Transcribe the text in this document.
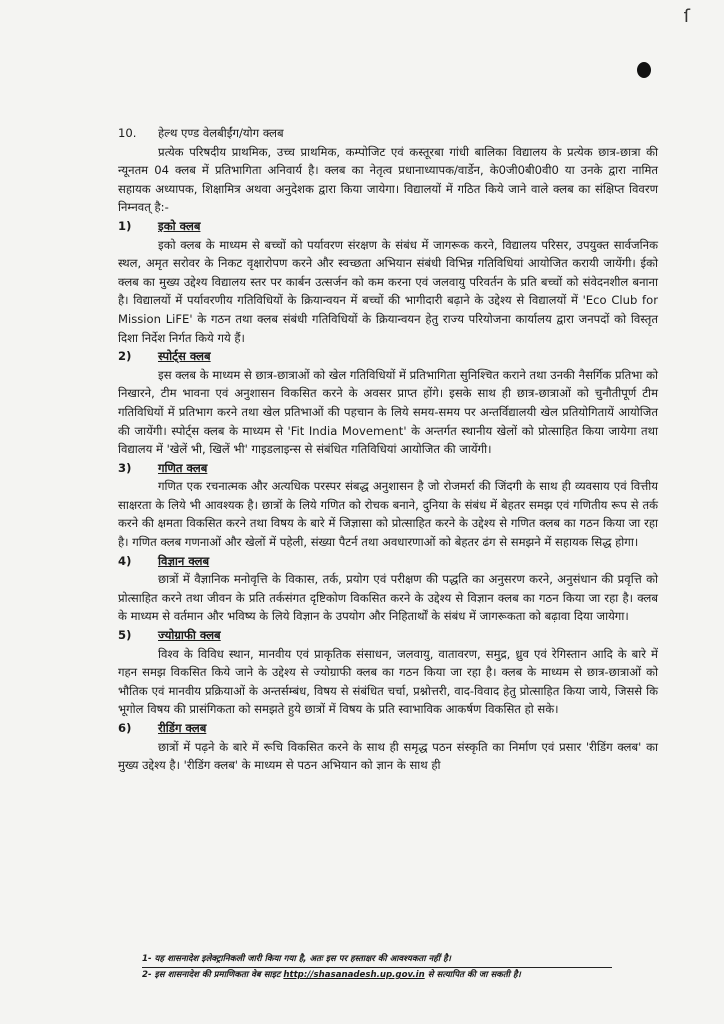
ſ
10.	हेल्थ एण्ड वेलबीईंग/योग क्लब

प्रत्येक परिषदीय प्राथमिक, उच्च प्राथमिक, कम्पोजिट एवं कस्तूरबा गांधी बालिका विद्यालय के प्रत्येक छात्र-छात्रा की न्यूनतम 04 क्लब में प्रतिभागिता अनिवार्य है। क्लब का नेतृत्व प्रधानाध्यापक/वार्डेन, के0जी0बी0वी0 या उनके द्वारा नामित सहायक अध्यापक, शिक्षामित्र अथवा अनुदेशक द्वारा किया जायेगा। विद्यालयों में गठित किये जाने वाले क्लब का संक्षिप्त विवरण निम्नवत् है:-

1)	इको क्लब

इको क्लब के माध्यम से बच्चों को पर्यावरण संरक्षण के संबंध में जागरूक करने, विद्यालय परिसर, उपयुक्त सार्वजनिक स्थल, अमृत सरोवर के निकट वृक्षारोपण करने और स्वच्छता अभियान संबंधी विभिन्न गतिविधियां आयोजित करायी जायेंगी। ईको क्लब का मुख्य उद्देश्य विद्यालय स्तर पर कार्बन उत्सर्जन को कम करना एवं जलवायु परिवर्तन के प्रति बच्चों को संवेदनशील बनाना है। विद्यालयों में पर्यावरणीय गतिविधियों के क्रियान्वयन में बच्चों की भागीदारी बढ़ाने के उद्देश्य से विद्यालयों में 'Eco Club for Mission LiFE' के गठन तथा क्लब संबंधी गतिविधियों के क्रियान्वयन हेतु राज्य परियोजना कार्यालय द्वारा जनपदों को विस्तृत दिशा निर्देश निर्गत किये गये हैं।

2)	स्पोर्ट्स क्लब

इस क्लब के माध्यम से छात्र-छात्राओं को खेल गतिविधियों में प्रतिभागिता सुनिश्चित कराने तथा उनकी नैसर्गिक प्रतिभा को निखारने, टीम भावना एवं अनुशासन विकसित करने के अवसर प्राप्त होंगे। इसके साथ ही छात्र-छात्राओं को चुनौतीपूर्ण टीम गतिविधियों में प्रतिभाग करने तथा खेल प्रतिभाओं की पहचान के लिये समय-समय पर अन्तर्विद्यालयी खेल प्रतियोगितायें आयोजित की जायेंगी। स्पोर्ट्स क्लब के माध्यम से 'Fit India Movement' के अन्तर्गत स्थानीय खेलों को प्रोत्साहित किया जायेगा तथा विद्यालय में 'खेलें भी, खिलें भी' गाइडलाइन्स से संबंधित गतिविधियां आयोजित की जायेंगी।

3)	गणित क्लब

गणित एक रचनात्मक और अत्यधिक परस्पर संबद्ध अनुशासन है जो रोजमर्रा की जिंदगी के साथ ही व्यवसाय एवं वित्तीय साक्षरता के लिये भी आवश्यक है। छात्रों के लिये गणित को रोचक बनाने, दुनिया के संबंध में बेहतर समझ एवं गणितीय रूप से तर्क करने की क्षमता विकसित करने तथा विषय के बारे में जिज्ञासा को प्रोत्साहित करने के उद्देश्य से गणित क्लब का गठन किया जा रहा है। गणित क्लब गणनाओं और खेलों में पहेली, संख्या पैटर्न तथा अवधारणाओं को बेहतर ढंग से समझने में सहायक सिद्ध होगा।

4)	विज्ञान क्लब

छात्रों में वैज्ञानिक मनोवृत्ति के विकास, तर्क, प्रयोग एवं परीक्षण की पद्धति का अनुसरण करने, अनुसंधान की प्रवृत्ति को प्रोत्साहित करने तथा जीवन के प्रति तर्कसंगत दृष्टिकोण विकसित करने के उद्देश्य से विज्ञान क्लब का गठन किया जा रहा है। क्लब के माध्यम से वर्तमान और भविष्य के लिये विज्ञान के उपयोग और निहितार्थों के संबंध में जागरूकता को बढ़ावा दिया जायेगा।

5)	ज्योग्राफी क्लब

विश्व के विविध स्थान, मानवीय एवं प्राकृतिक संसाधन, जलवायु, वातावरण, समुद्र, ध्रुव एवं रेगिस्तान आदि के बारे में गहन समझ विकसित किये जाने के उद्देश्य से ज्योग्राफी क्लब का गठन किया जा रहा है। क्लब के माध्यम से छात्र-छात्राओं को भौतिक एवं मानवीय प्रक्रियाओं के अन्तर्सम्बंध, विषय से संबंधित चर्चा, प्रश्नोत्तरी, वाद-विवाद हेतु प्रोत्साहित किया जाये, जिससे कि भूगोल विषय की प्रासंगिकता को समझते हुये छात्रों में विषय के प्रति स्वाभाविक आकर्षण विकसित हो सके।

6)	रीडिंग क्लब

छात्रों में पढ़ने के बारे में रूचि विकसित करने के साथ ही समृद्ध पठन संस्कृति का निर्माण एवं प्रसार 'रीडिंग क्लब' का मुख्य उद्देश्य है। 'रीडिंग क्लब' के माध्यम से पठन अभियान को ज्ञान के साथ ही

1- यह शासनादेश इलेक्ट्रानिकली जारी किया गया है, अतः इस पर हस्ताक्षर की आवश्यकता नहीं है।
2- इस शासनादेश की प्रमाणिकता वेब साइट http://shasanadesh.up.gov.in से सत्यापित की जा सकती है।
